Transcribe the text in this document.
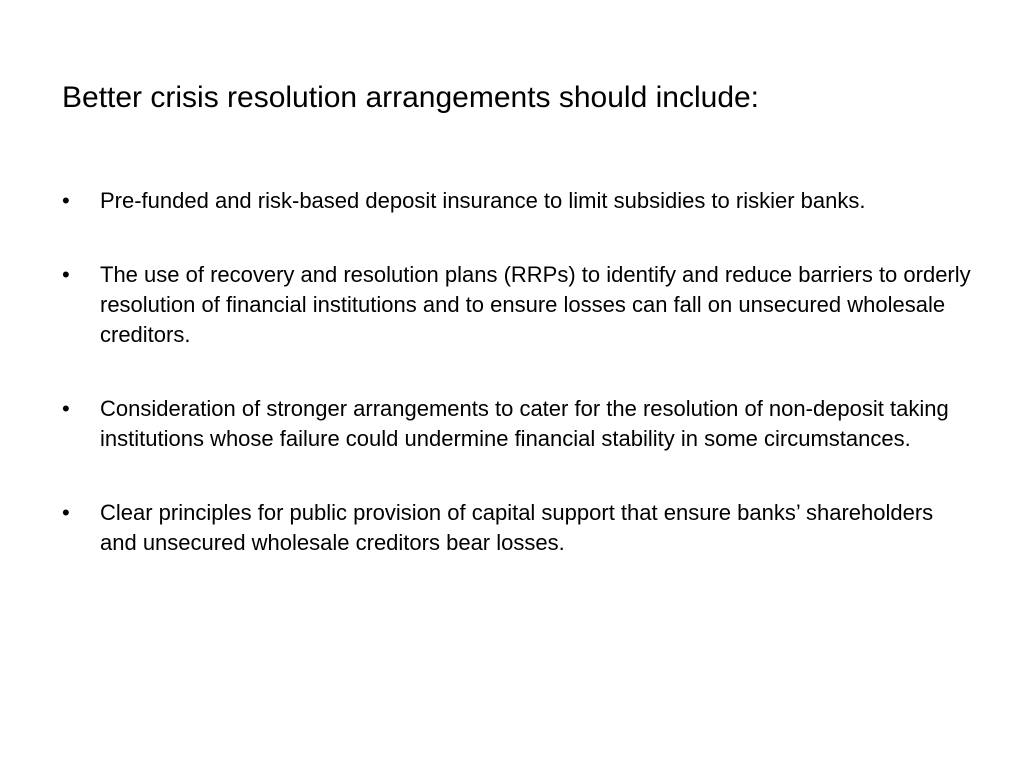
Better crisis resolution arrangements should include:
•	Pre-funded and risk-based deposit insurance to limit subsidies to riskier banks.
•	The use of recovery and resolution plans (RRPs) to identify and reduce barriers to orderly resolution of financial institutions and to ensure losses can fall on unsecured wholesale creditors.
•	Consideration of stronger arrangements to cater for the resolution of non-deposit taking institutions whose failure could undermine financial stability in some circumstances.
•	Clear principles for public provision of capital support that ensure banks’ shareholders and unsecured wholesale creditors bear losses.
